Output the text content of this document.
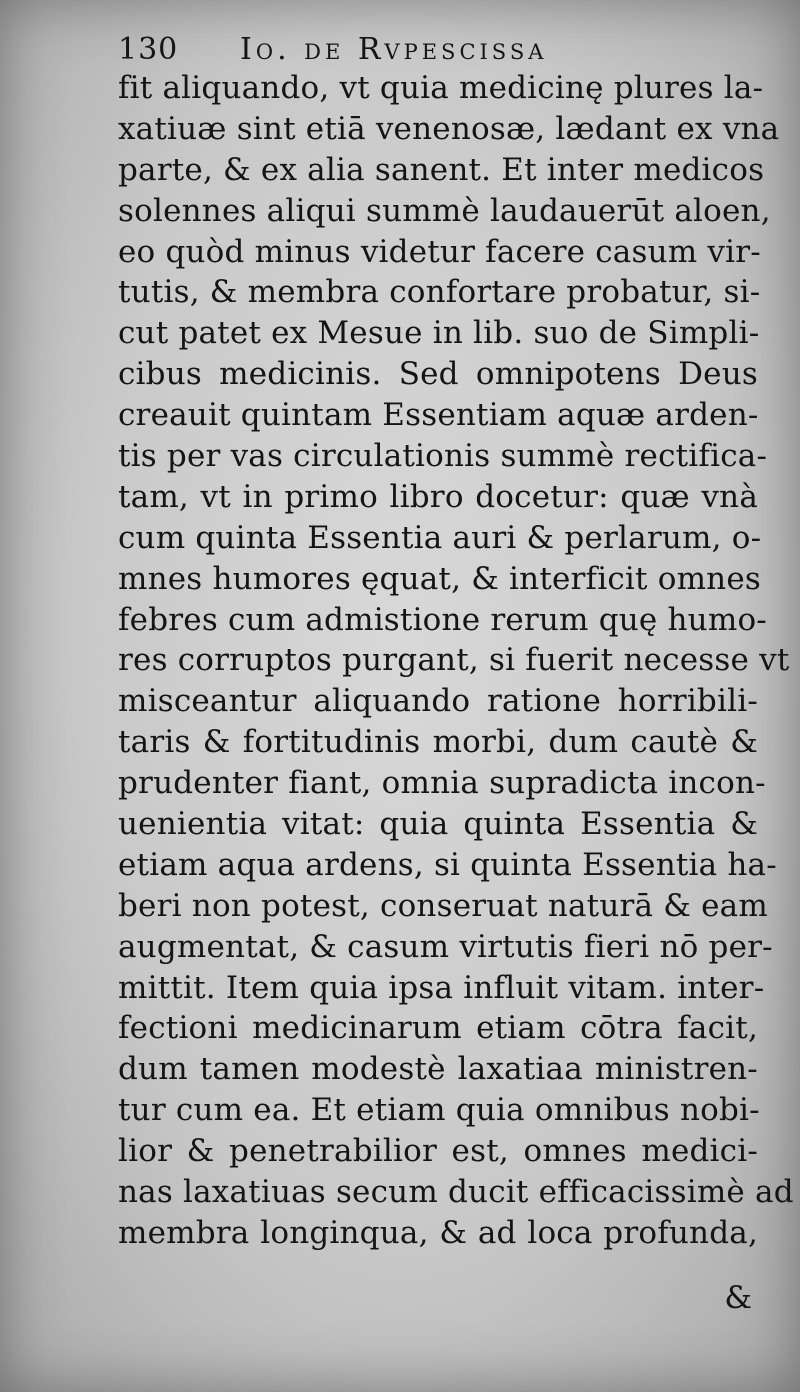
130 Io. de Rvpescissa
fit aliquando, vt quia medicinę plures la-
xatiuæ sint etiā venenosæ, lædant ex vna
parte, & ex alia sanent. Et inter medicos
solennes aliqui summè laudauerūt aloen,
eo quòd minus videtur facere casum vir-
tutis, & membra confortare probatur, si-
cut patet ex Mesue in lib. suo de Simpli-
cibus medicinis. Sed omnipotens Deus
creauit quintam Essentiam aquæ arden-
tis per vas circulationis summè rectifica-
tam, vt in primo libro docetur: quæ vnà
cum quinta Essentia auri & perlarum, o-
mnes humores ęquat, & interficit omnes
febres cum admistione rerum quę humo-
res corruptos purgant, si fuerit necesse vt
misceantur aliquando ratione horribili-
taris & fortitudinis morbi, dum cautè &
prudenter fiant, omnia supradicta incon-
uenientia vitat: quia quinta Essentia &
etiam aqua ardens, si quinta Essentia ha-
beri non potest, conseruat naturā & eam
augmentat, & casum virtutis fieri nō per-
mittit. Item quia ipsa influit vitam. inter-
fectioni medicinarum etiam cōtra facit,
dum tamen modestè laxatiaa ministren-
tur cum ea. Et etiam quia omnibus nobi-
lior & penetrabilior est, omnes medici-
nas laxatiuas secum ducit efficacissimè ad
membra longinqua, & ad loca profunda,
&
